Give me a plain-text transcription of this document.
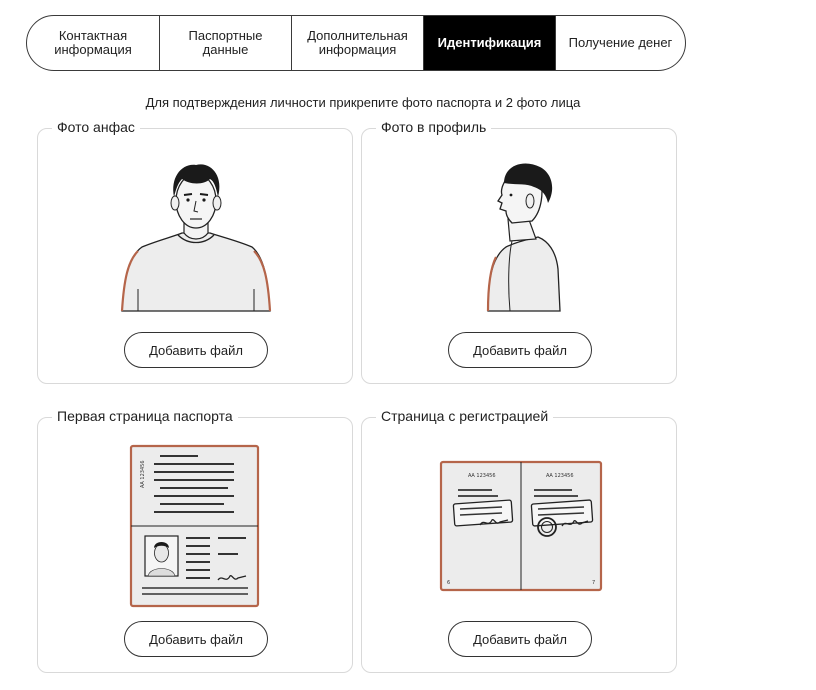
Контактная
информация
Паспортные
данные
Дополнительная
информация	Идентификация Получение денег
Для подтверждения личности прикрепите фото паспорта и 2 фото лица
Фото анфас
Добавить файл
Фото в профиль
Добавить файл
Первая страница паспорта
АА 123456
Добавить файл
Страница с регистрацией
АА 123456	АА 123456
6	7
Добавить файл
